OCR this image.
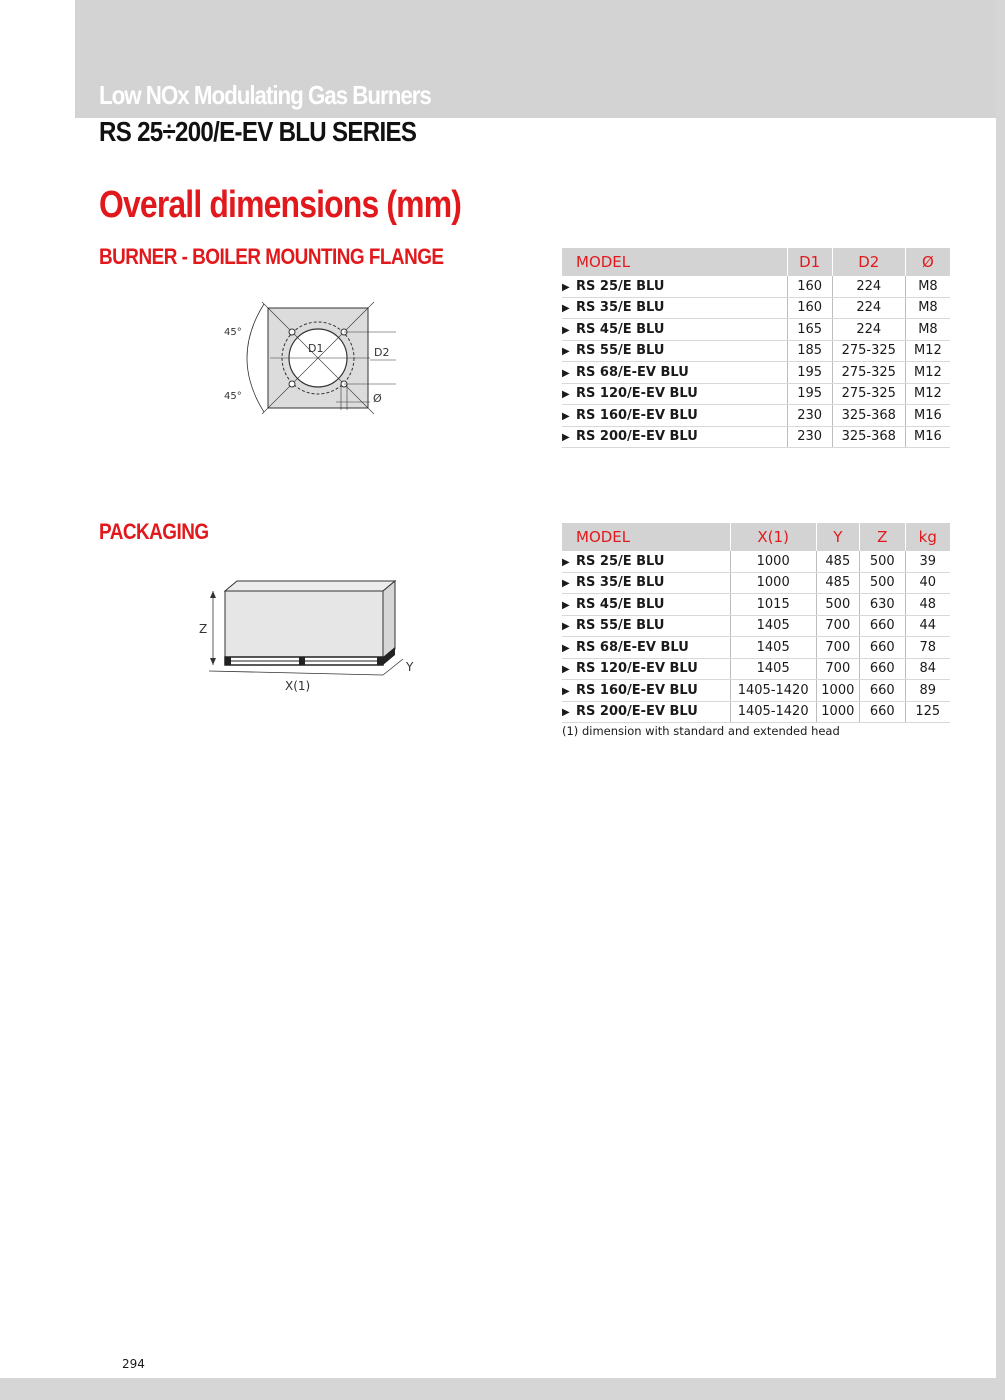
Low NOx Modulating Gas Burners
RS 25÷200/E-EV BLU SERIES
Overall dimensions (mm)
BURNER - BOILER MOUNTING FLANGE
45°
45°
D1	D2
Ø
MODEL	D1	D2	Ø
▶ RS 25/E BLU	160	224	M8
▶ RS 35/E BLU	160	224	M8
▶ RS 45/E BLU	165	224	M8
▶ RS 55/E BLU	185	275-325	M12
▶ RS 68/E-EV BLU	195	275-325	M12
▶ RS 120/E-EV BLU	195	275-325	M12
▶ RS 160/E-EV BLU	230	325-368	M16
▶ RS 200/E-EV BLU	230	325-368	M16
PACKAGING
Z
X(1)
Y
MODEL	X(1)	Y	Z	kg
▶ RS 25/E BLU	1000	485	500	39
▶ RS 35/E BLU	1000	485	500	40
▶ RS 45/E BLU	1015	500	630	48
▶ RS 55/E BLU	1405	700	660	44
▶ RS 68/E-EV BLU	1405	700	660	78
▶ RS 120/E-EV BLU	1405	700	660	84
▶ RS 160/E-EV BLU	1405-1420	1000	660	89
▶ RS 200/E-EV BLU	1405-1420	1000	660	125

(1) dimension with standard and extended head

294
